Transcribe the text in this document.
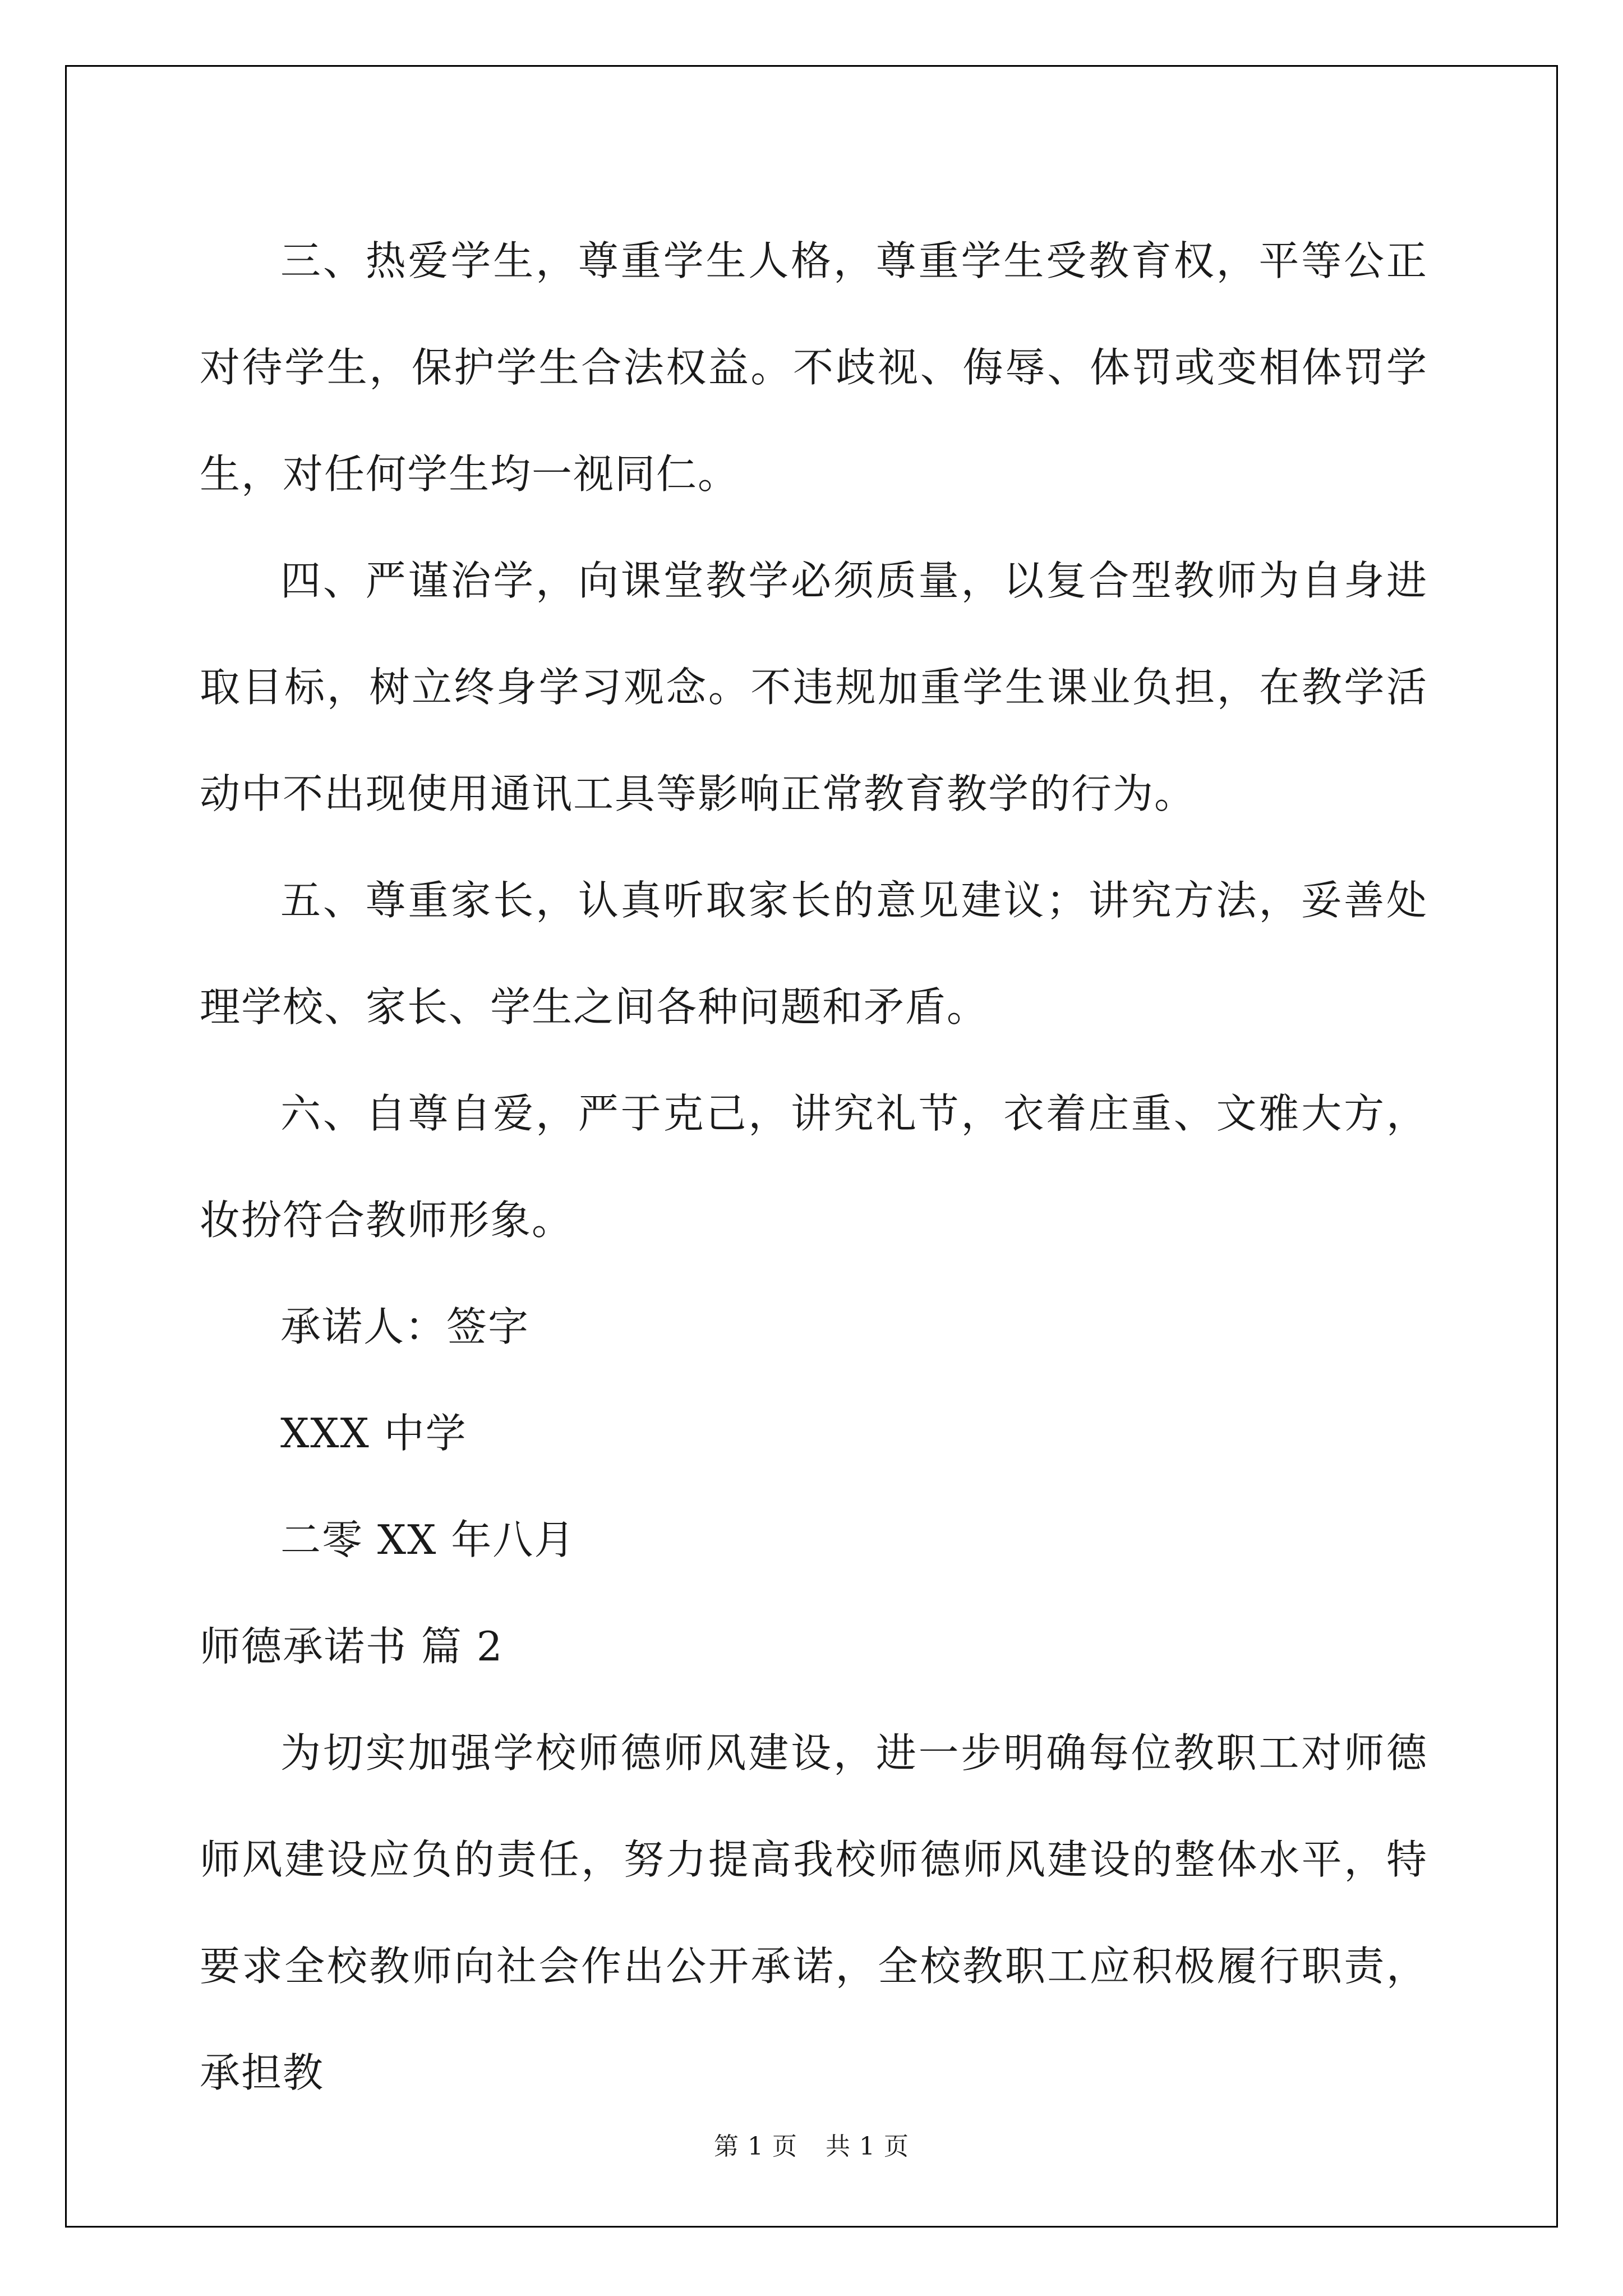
三、热爱学生，尊重学生人格，尊重学生受教育权，平等公正对待学生，保护学生合法权益。不歧视、侮辱、体罚或变相体罚学生，对任何学生均一视同仁。

四、严谨治学，向课堂教学必须质量，以复合型教师为自身进取目标，树立终身学习观念。不违规加重学生课业负担，在教学活动中不出现使用通讯工具等影响正常教育教学的行为。

五、尊重家长，认真听取家长的意见建议；讲究方法，妥善处理学校、家长、学生之间各种问题和矛盾。

六、自尊自爱，严于克己，讲究礼节，衣着庄重、文雅大方，妆扮符合教师形象。

承诺人：签字

XXX 中学

二零 XX 年八月

师德承诺书 篇 2

为切实加强学校师德师风建设，进一步明确每位教职工对师德师风建设应负的责任，努力提高我校师德师风建设的整体水平，特要求全校教师向社会作出公开承诺，全校教职工应积极履行职责，承担教

第 1 页 共 1 页
